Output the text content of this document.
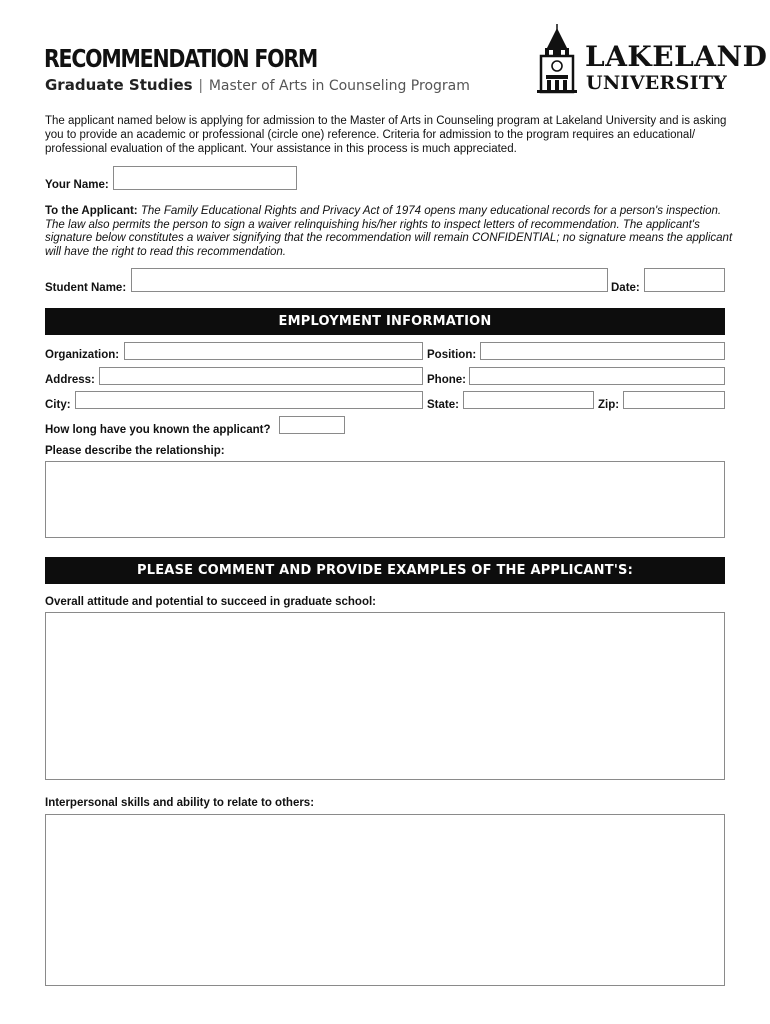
RECOMMENDATION FORM
Graduate Studies | Master of Arts in Counseling Program
LAKELAND
UNIVERSITY

The applicant named below is applying for admission to the Master of Arts in Counseling program at Lakeland University and is asking you to provide an academic or professional (circle one) reference. Criteria for admission to the program requires an educational/ professional evaluation of the applicant. Your assistance in this process is much appreciated.

Your Name:

To the Applicant: The Family Educational Rights and Privacy Act of 1974 opens many educational records for a person's inspection. The law also permits the person to sign a waiver relinquishing his/her rights to inspect letters of recommendation. The applicant's signature below constitutes a waiver signifying that the recommendation will remain CONFIDENTIAL; no signature means the applicant will have the right to read this recommendation.

Student Name:	Date:
EMPLOYMENT INFORMATION
Organization:	Position:
Address:	Phone:
City:	State:	Zip:
How long have you known the applicant?
Please describe the relationship:
PLEASE COMMENT AND PROVIDE EXAMPLES OF THE APPLICANT'S:
Overall attitude and potential to succeed in graduate school:
Interpersonal skills and ability to relate to others:
